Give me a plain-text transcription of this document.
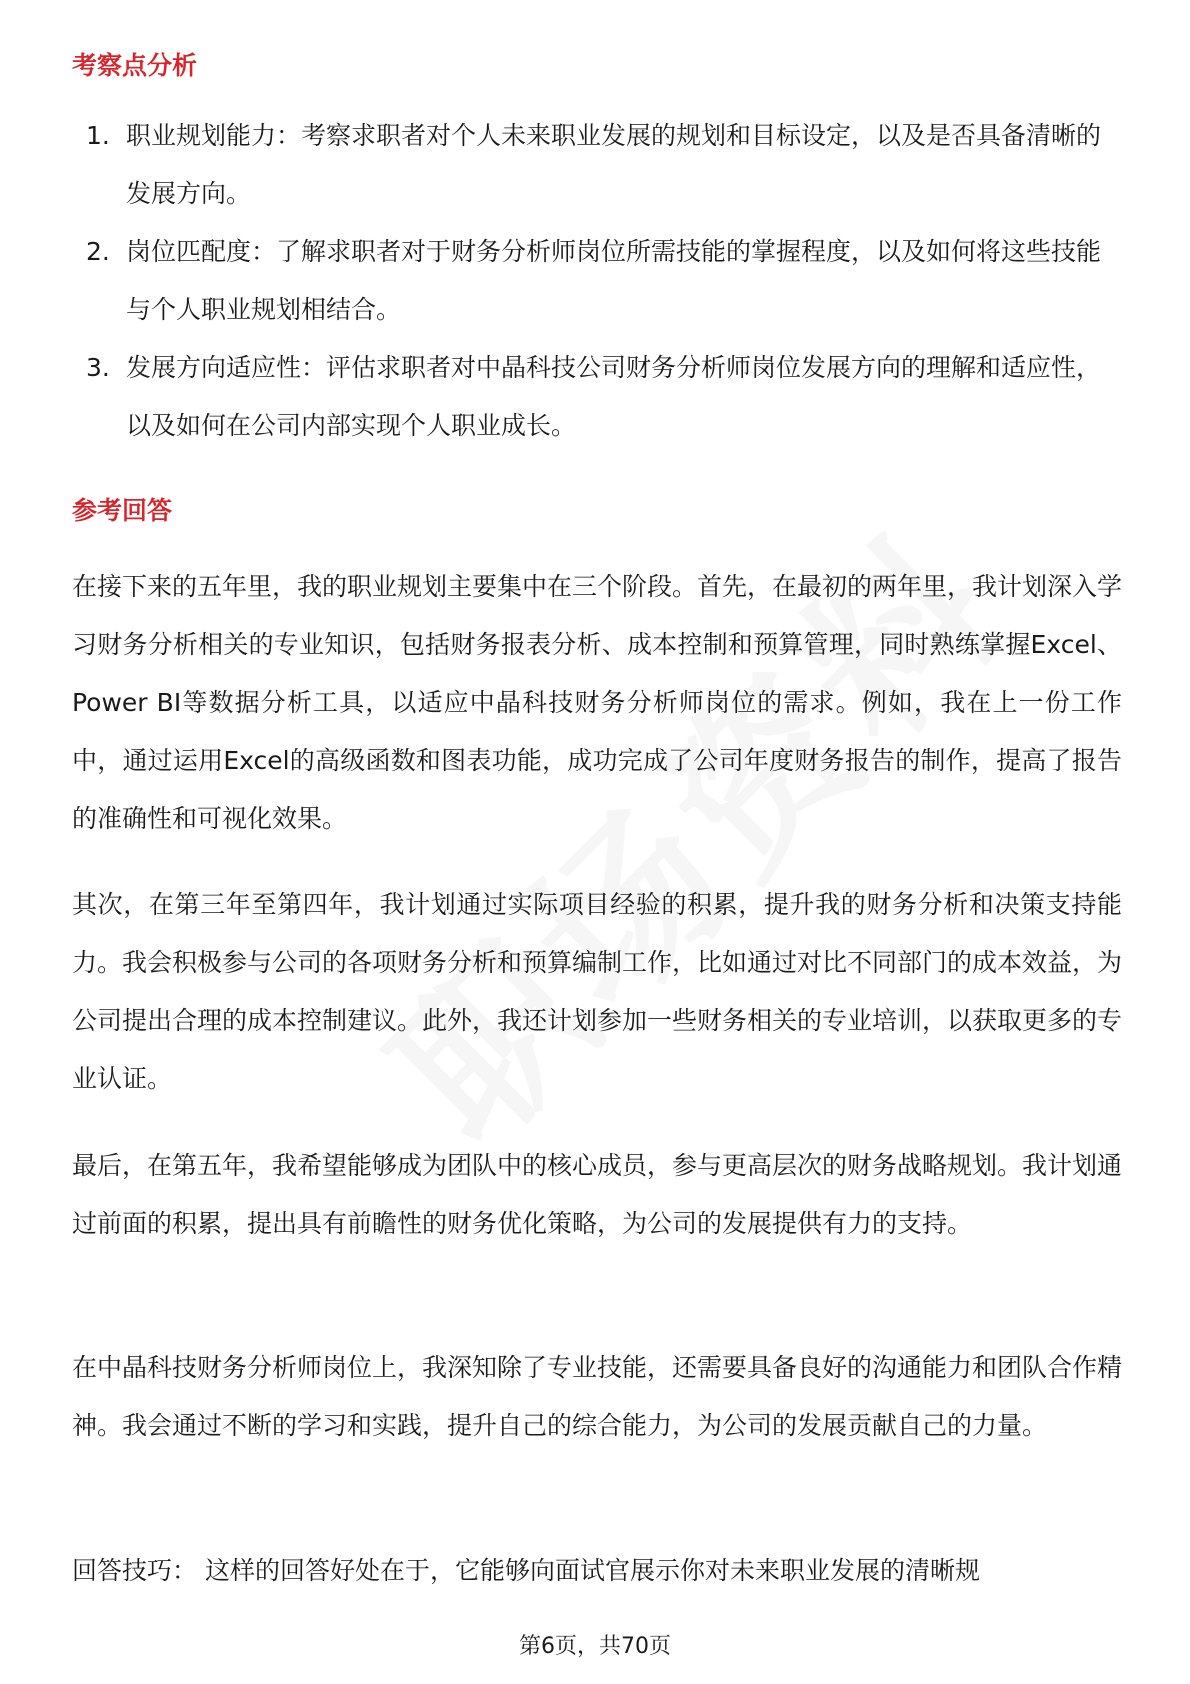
考察点分析
1. 职业规划能力：考察求职者对个人未来职业发展的规划和目标设定，以及是否具备清晰的发展方向。
2. 岗位匹配度：了解求职者对于财务分析师岗位所需技能的掌握程度，以及如何将这些技能与个人职业规划相结合。
3. 发展方向适应性：评估求职者对中晶科技公司财务分析师岗位发展方向的理解和适应性，以及如何在公司内部实现个人职业成长。
参考回答

在接下来的五年里，我的职业规划主要集中在三个阶段。首先，在最初的两年里，我计划深入学习财务分析相关的专业知识，包括财务报表分析、成本控制和预算管理，同时熟练掌握Excel、Power BI等数据分析工具，以适应中晶科技财务分析师岗位的需求。例如，我在上一份工作中，通过运用Excel的高级函数和图表功能，成功完成了公司年度财务报告的制作，提高了报告的准确性和可视化效果。

其次，在第三年至第四年，我计划通过实际项目经验的积累，提升我的财务分析和决策支持能力。我会积极参与公司的各项财务分析和预算编制工作，比如通过对比不同部门的成本效益，为公司提出合理的成本控制建议。此外，我还计划参加一些财务相关的专业培训，以获取更多的专业认证。

最后，在第五年，我希望能够成为团队中的核心成员，参与更高层次的财务战略规划。我计划通过前面的积累，提出具有前瞻性的财务优化策略，为公司的发展提供有力的支持。

在中晶科技财务分析师岗位上，我深知除了专业技能，还需要具备良好的沟通能力和团队合作精神。我会通过不断的学习和实践，提升自己的综合能力，为公司的发展贡献自己的力量。

回答技巧： 这样的回答好处在于，它能够向面试官展示你对未来职业发展的清晰规

第6页，共70页
